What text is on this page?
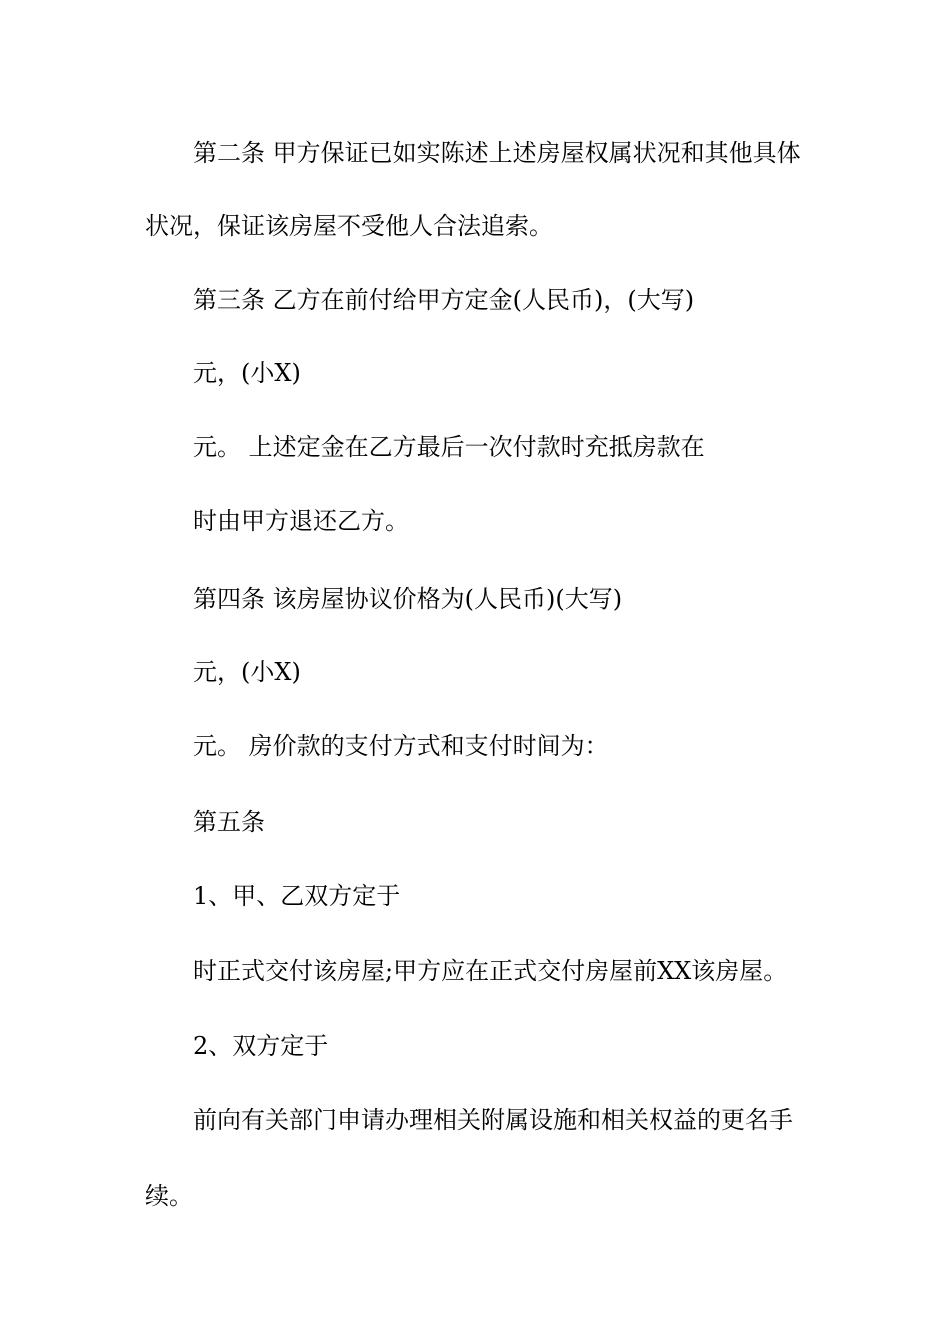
第二条 甲方保证已如实陈述上述房屋权属状况和其他具体
状况，保证该房屋不受他人合法追索。
第三条 乙方在前付给甲方定金(人民币)，(大写)
元，(小X)
元。 上述定金在乙方最后一次付款时充抵房款在
时由甲方退还乙方。
第四条 该房屋协议价格为(人民币)(大写)
元，(小X)
元。 房价款的支付方式和支付时间为：
第五条
1、甲、乙双方定于
时正式交付该房屋;甲方应在正式交付房屋前XX该房屋。
2、双方定于
前向有关部门申请办理相关附属设施和相关权益的更名手
续。
